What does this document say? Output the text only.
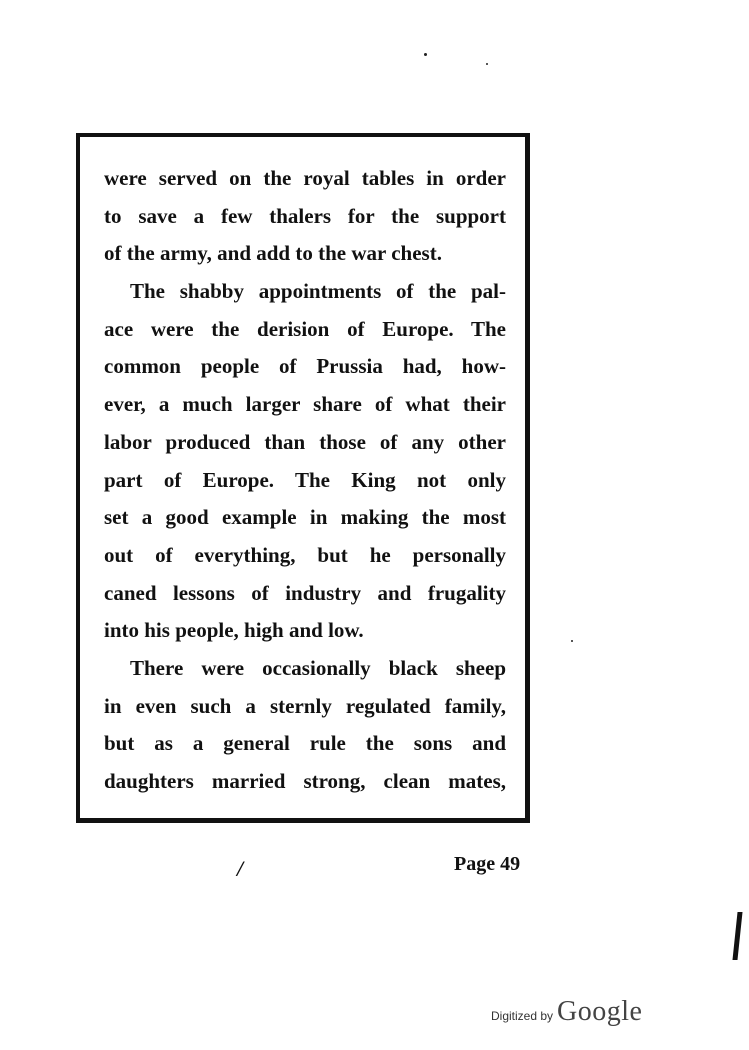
were served on the royal tables in order
to save a few thalers for the support
of the army, and add to the war chest.
The shabby appointments of the pal-
ace were the derision of Europe. The
common people of Prussia had, how-
ever, a much larger share of what their
labor produced than those of any other
part of Europe. The King not only
set a good example in making the most
out of everything, but he personally
caned lessons of industry and frugality
into his people, high and low.
There were occasionally black sheep
in even such a sternly regulated family,
but as a general rule the sons and
daughters married strong, clean mates,
/	Page 49
Digitized by Google
